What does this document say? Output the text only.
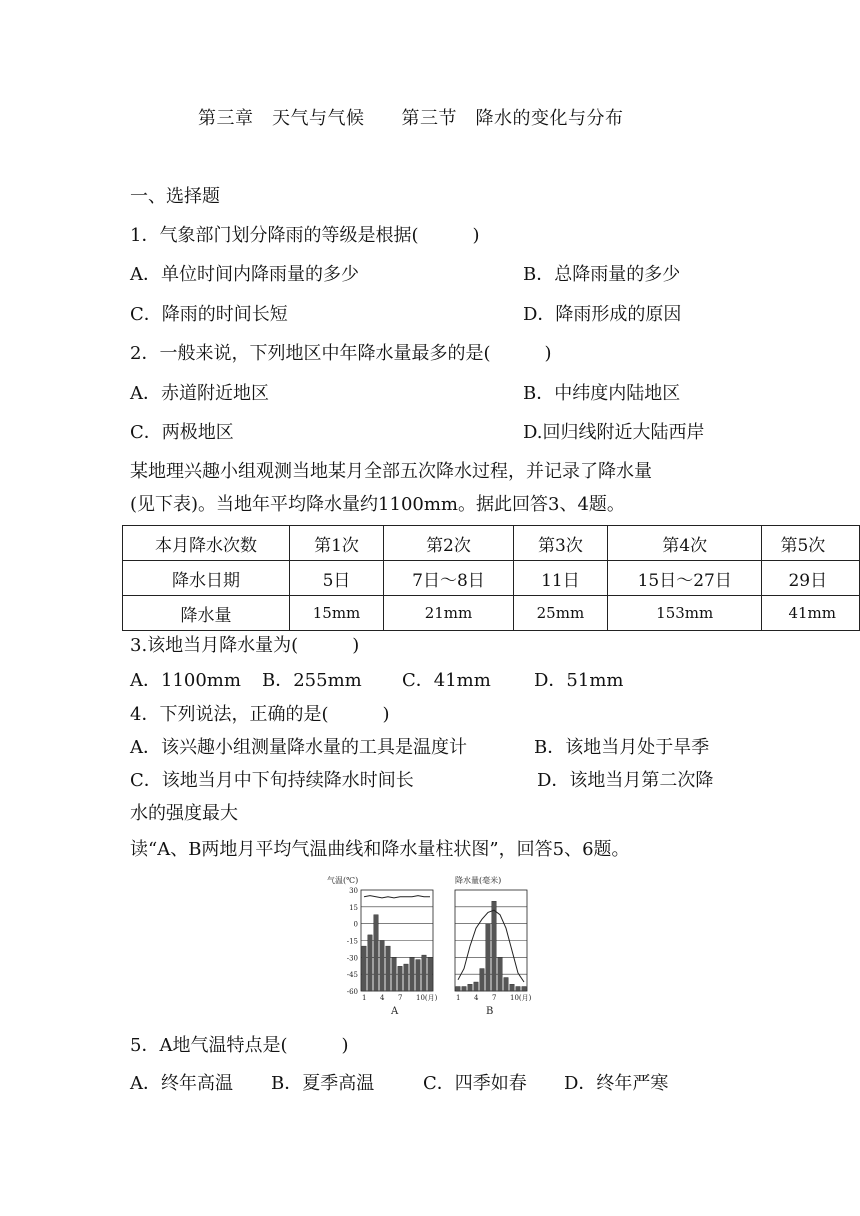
第三章　天气与气候　　第三节　降水的变化与分布
一、选择题
1．气象部门划分降雨的等级是根据(　　　)
A．单位时间内降雨量的多少	B．总降雨量的多少
C．降雨的时间长短	D．降雨形成的原因
2．一般来说，下列地区中年降水量最多的是(　　　)
A．赤道附近地区	B．中纬度内陆地区
C．两极地区	D.回归线附近大陆西岸
某地理兴趣小组观测当地某月全部五次降水过程，并记录了降水量
(见下表)。当地年平均降水量约1100mm。据此回答3、4题。
本月降水次数	第1次	第2次	第3次	第4次	第5次
降水日期	5日	7日～8日	11日	15日～27日	29日
降水量	15mm	21mm	25mm	153mm	41mm
3.该地当月降水量为(　　　)
A．1100mm B．255mm C．41mm D．51mm
4．下列说法，正确的是(　　　)
A．该兴趣小组测量降水量的工具是温度计	B．该地当月处于旱季
C．该地当月中下旬持续降水时间长	D．该地当月第二次降
水的强度最大
读“A、B两地月平均气温曲线和降水量柱状图”，回答5、6题。
气温(℃)
30
15
0
-15
-30
-45
-60
1 4 7 10(月)
A
降水量(毫米)
1 4 7 10(月)
B
5．A地气温特点是(　　　)
A．终年高温 B．夏季高温	C．四季如春 D．终年严寒
